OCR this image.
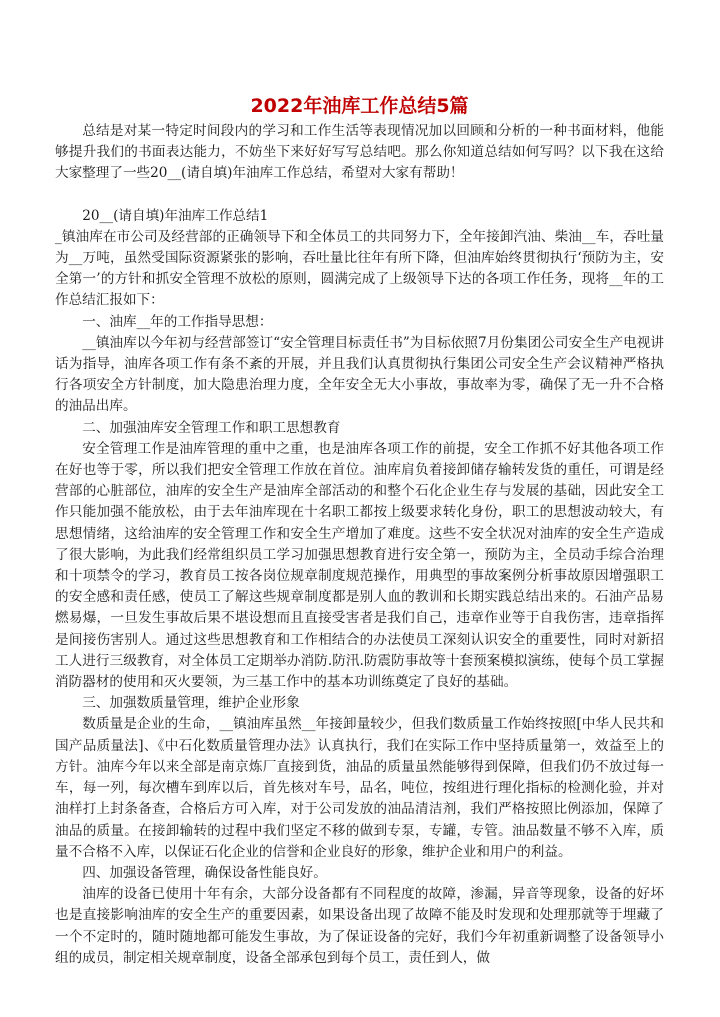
2022年油库工作总结5篇

总结是对某一特定时间段内的学习和工作生活等表现情况加以回顾和分析的一种书面材料，他能够提升我们的书面表达能力，不妨坐下来好好写写总结吧。那么你知道总结如何写吗？以下我在这给大家整理了一些20__(请自填)年油库工作总结，希望对大家有帮助！

20__(请自填)年油库工作总结1

_镇油库在市公司及经营部的正确领导下和全体员工的共同努力下，全年接卸汽油、柴油__车，吞吐量为__万吨，虽然受国际资源紧张的影响，吞吐量比往年有所下降，但油库始终贯彻执行‘预防为主，安全第一’的方针和抓安全管理不放松的原则，圆满完成了上级领导下达的各项工作任务，现将__年的工作总结汇报如下：

一、油库__年的工作指导思想：

__镇油库以今年初与经营部签订“安全管理目标责任书”为目标依照7月份集团公司安全生产电视讲话为指导，油库各项工作有条不紊的开展，并且我们认真贯彻执行集团公司安全生产会议精神严格执行各项安全方针制度，加大隐患治理力度，全年安全无大小事故，事故率为零，确保了无一升不合格的油品出库。

二、加强油库安全管理工作和职工思想教育

安全管理工作是油库管理的重中之重，也是油库各项工作的前提，安全工作抓不好其他各项工作在好也等于零，所以我们把安全管理工作放在首位。油库肩负着接卸储存输转发货的重任，可谓是经营部的心脏部位，油库的安全生产是油库全部活动的和整个石化企业生存与发展的基础，因此安全工作只能加强不能放松，由于去年油库现在十名职工都按上级要求转化身份，职工的思想波动较大，有思想情绪，这给油库的安全管理工作和安全生产增加了难度。这些不安全状况对油库的安全生产造成了很大影响，为此我们经常组织员工学习加强思想教育进行安全第一，预防为主，全员动手综合治理和十项禁令的学习，教育员工按各岗位规章制度规范操作，用典型的事故案例分析事故原因增强职工的安全感和责任感，使员工了解这些规章制度都是别人血的教训和长期实践总结出来的。石油产品易燃易爆，一旦发生事故后果不堪设想而且直接受害者是我们自己，违章作业等于自我伤害，违章指挥是间接伤害别人。通过这些思想教育和工作相结合的办法使员工深刻认识安全的重要性，同时对新招工人进行三级教育，对全体员工定期举办消防.防汛.防震防事故等十套预案模拟演练，使每个员工掌握消防器材的使用和灭火要领，为三基工作中的基本功训练奠定了良好的基础。

三、加强数质量管理，维护企业形象

数质量是企业的生命，__镇油库虽然__年接卸量较少，但我们数质量工作始终按照[中华人民共和国产品质量法]、《中石化数质量管理办法》认真执行，我们在实际工作中坚持质量第一，效益至上的方针。油库今年以来全部是南京炼厂直接到货，油品的质量虽然能够得到保障，但我们仍不放过每一车，每一列，每次槽车到库以后，首先核对车号，品名，吨位，按组进行理化指标的检测化验，并对油样打上封条备查，合格后方可入库，对于公司发放的油品清洁剂，我们严格按照比例添加，保障了油品的质量。在接卸输转的过程中我们坚定不移的做到专泵，专罐，专管。油品数量不够不入库，质量不合格不入库，以保证石化企业的信誉和企业良好的形象，维护企业和用户的利益。

四、加强设备管理，确保设备性能良好。

油库的设备已使用十年有余，大部分设备都有不同程度的故障，渗漏，异音等现象，设备的好坏也是直接影响油库的安全生产的重要因素，如果设备出现了故障不能及时发现和处理那就等于埋藏了一个不定时的，随时随地都可能发生事故，为了保证设备的完好，我们今年初重新调整了设备领导小组的成员，制定相关规章制度，设备全部承包到每个员工，责任到人，做
